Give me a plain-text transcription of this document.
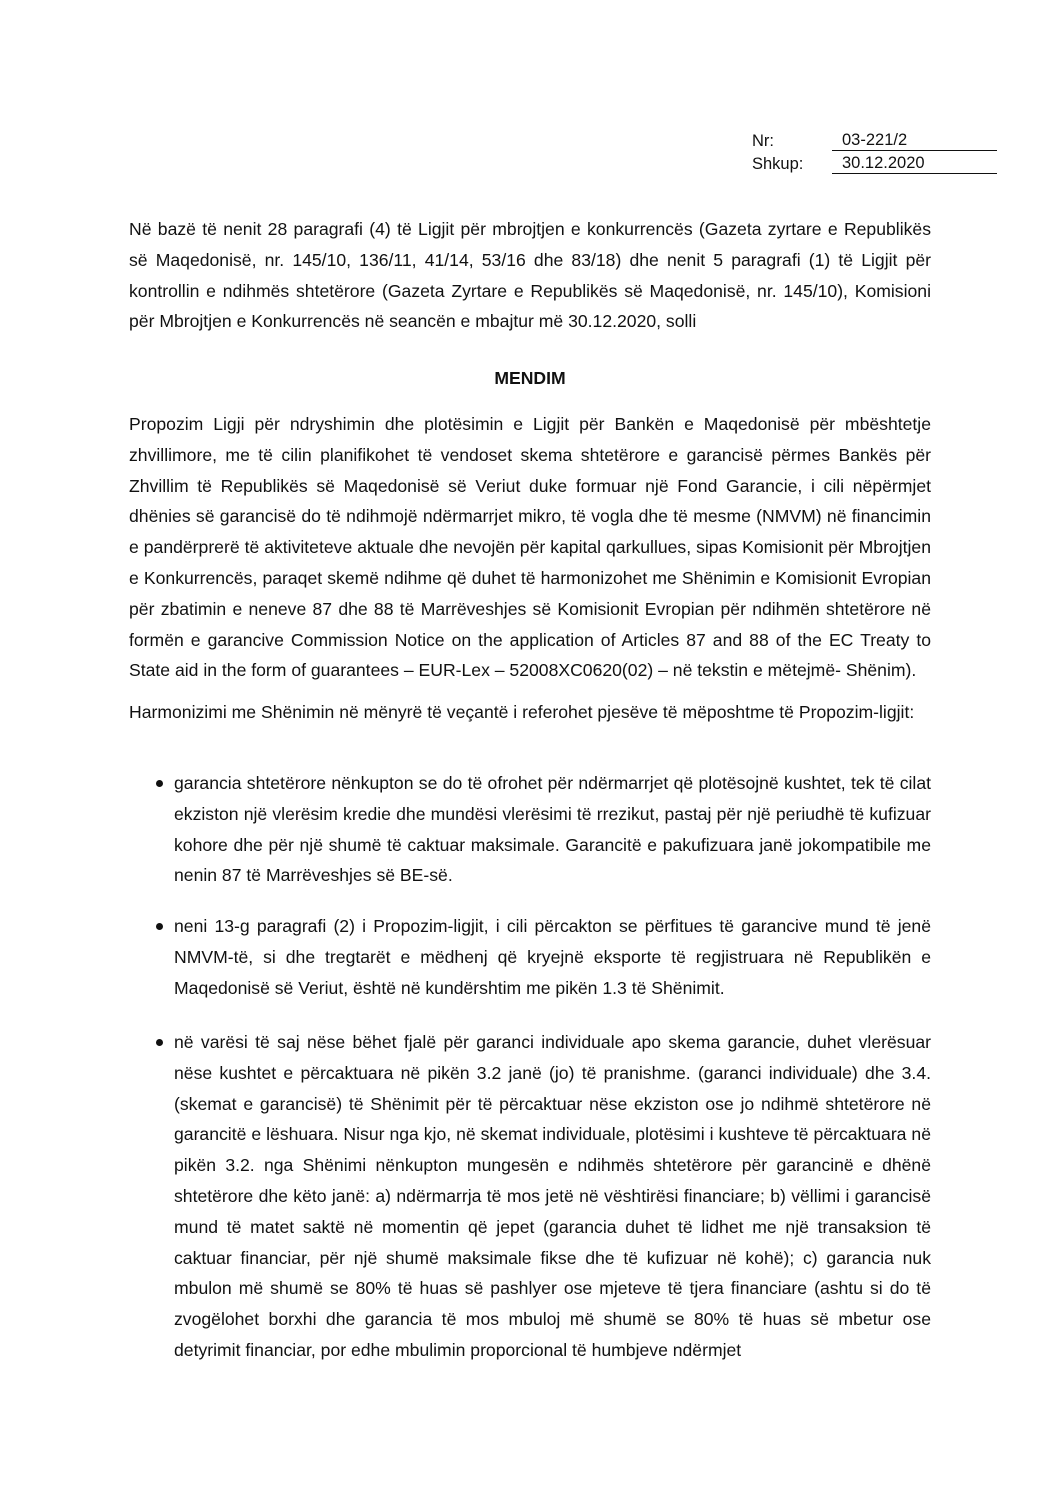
Nr:	03-221/2
Shkup:	30.12.2020

Në bazë të nenit 28 paragrafi (4) të Ligjit për mbrojtjen e konkurrencës (Gazeta zyrtare e Republikës së Maqedonisë, nr. 145/10, 136/11, 41/14, 53/16 dhe 83/18) dhe nenit 5 paragrafi (1) të Ligjit për kontrollin e ndihmës shtetërore (Gazeta Zyrtare e Republikës së Maqedonisë, nr. 145/10), Komisioni për Mbrojtjen e Konkurrencës në seancën e mbajtur më 30.12.2020, solli

MENDIM

Propozim Ligji për ndryshimin dhe plotësimin e Ligjit për Bankën e Maqedonisë për mbështetje zhvillimore, me të cilin planifikohet të vendoset skema shtetërore e garancisë përmes Bankës për Zhvillim të Republikës së Maqedonisë së Veriut duke formuar një Fond Garancie, i cili nëpërmjet dhënies së garancisë do të ndihmojë ndërmarrjet mikro, të vogla dhe të mesme (NMVM) në financimin e pandërprerë të aktiviteteve aktuale dhe nevojën për kapital qarkullues, sipas Komisionit për Mbrojtjen e Konkurrencës, paraqet skemë ndihme që duhet të harmonizohet me Shënimin e Komisionit Evropian për zbatimin e neneve 87 dhe 88 të Marrëveshjes së Komisionit Evropian për ndihmën shtetërore në formën e garancive Commission Notice on the application of Articles 87 and 88 of the EC Treaty to State aid in the form of guarantees – EUR-Lex – 52008XC0620(02) – në tekstin e mëtejmë- Shënim).

Harmonizimi me Shënimin në mënyrë të veçantë i referohet pjesëve të mëposhtme të Propozim-ligjit:

garancia shtetërore nënkupton se do të ofrohet për ndërmarrjet që plotësojnë kushtet, tek të cilat ekziston një vlerësim kredie dhe mundësi vlerësimi të rrezikut, pastaj për një periudhë të kufizuar kohore dhe për një shumë të caktuar maksimale. Garancitë e pakufizuara janë jokompatibile me nenin 87 të Marrëveshjes së BE-së.
neni 13-g paragrafi (2) i Propozim-ligjit, i cili përcakton se përfitues të garancive mund të jenë NMVM-të, si dhe tregtarët e mëdhenj që kryejnë eksporte të regjistruara në Republikën e Maqedonisë së Veriut, është në kundërshtim me pikën 1.3 të Shënimit.
në varësi të saj nëse bëhet fjalë për garanci individuale apo skema garancie, duhet vlerësuar nëse kushtet e përcaktuara në pikën 3.2 janë (jo) të pranishme. (garanci individuale) dhe 3.4. (skemat e garancisë) të Shënimit për të përcaktuar nëse ekziston ose jo ndihmë shtetërore në garancitë e lëshuara. Nisur nga kjo, në skemat individuale, plotësimi i kushteve të përcaktuara në pikën 3.2. nga Shënimi nënkupton mungesën e ndihmës shtetërore për garancinë e dhënë shtetërore dhe këto janë: a) ndërmarrja të mos jetë në vështirësi financiare; b) vëllimi i garancisë mund të matet saktë në momentin që jepet (garancia duhet të lidhet me një transaksion të caktuar financiar, për një shumë maksimale fikse dhe të kufizuar në kohë); c) garancia nuk mbulon më shumë se 80% të huas së pashlyer ose mjeteve të tjera financiare (ashtu si do të zvogëlohet borxhi dhe garancia të mos mbuloj më shumë se 80% të huas së mbetur ose detyrimit financiar, por edhe mbulimin proporcional të humbjeve ndërmjet
